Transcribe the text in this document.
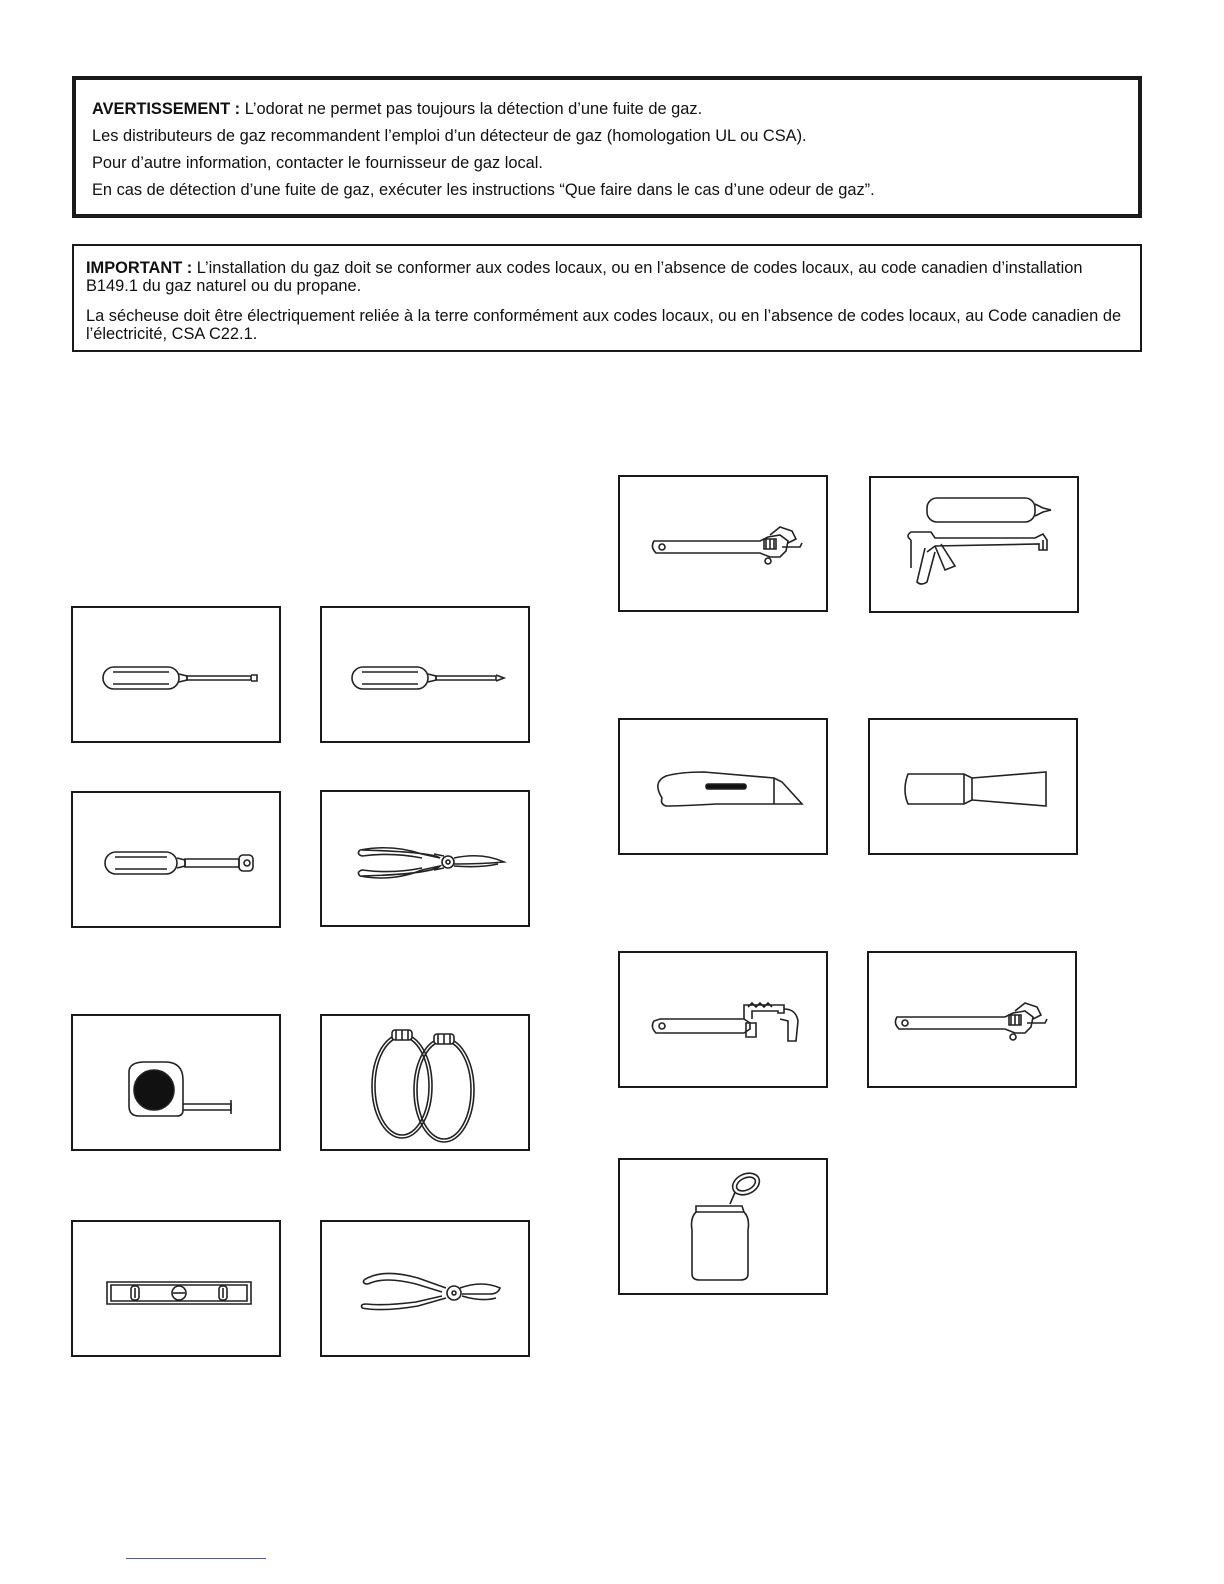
AVERTISSEMENT : L’odorat ne permet pas toujours la détection d’une fuite de gaz.

Les distributeurs de gaz recommandent l’emploi d’un détecteur de gaz (homologation UL ou CSA).

Pour d’autre information, contacter le fournisseur de gaz local.

En cas de détection d’une fuite de gaz, exécuter les instructions “Que faire dans le cas d’une odeur de gaz”.

IMPORTANT : L’installation du gaz doit se conformer aux codes locaux, ou en l’absence de codes locaux, au code canadien d’installation B149.1 du gaz naturel ou du propane.

La sécheuse doit être électriquement reliée à la terre conformément aux codes locaux, ou en l’absence de codes locaux, au Code canadien de l’électricité, CSA C22.1.
